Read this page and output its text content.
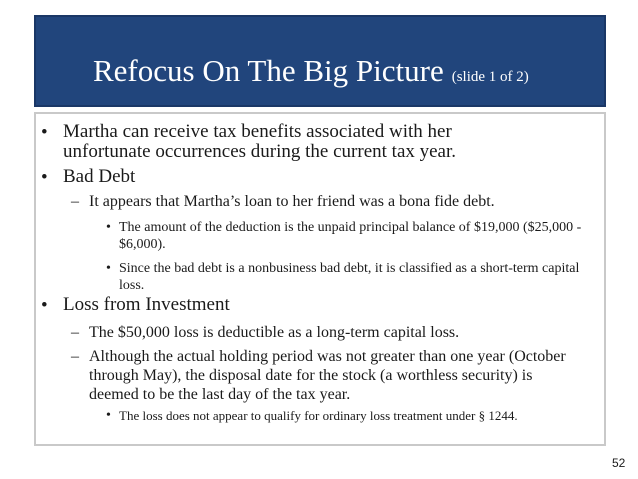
Refocus On The Big Picture (slide 1 of 2)
• Martha can receive tax benefits associated with her unfortunate occurrences during the current tax year.

• Bad Debt

– It appears that Martha’s loan to her friend was a bona fide debt.

• The amount of the deduction is the unpaid principal balance of $19,000 ($25,000 - $6,000).

• Since the bad debt is a nonbusiness bad debt, it is classified as a short-term capital loss.

• Loss from Investment

– The $50,000 loss is deductible as a long-term capital loss.

– Although the actual holding period was not greater than one year (October through May), the disposal date for the stock (a worthless security) is deemed to be the last day of the tax year.

• The loss does not appear to qualify for ordinary loss treatment under § 1244.

52
